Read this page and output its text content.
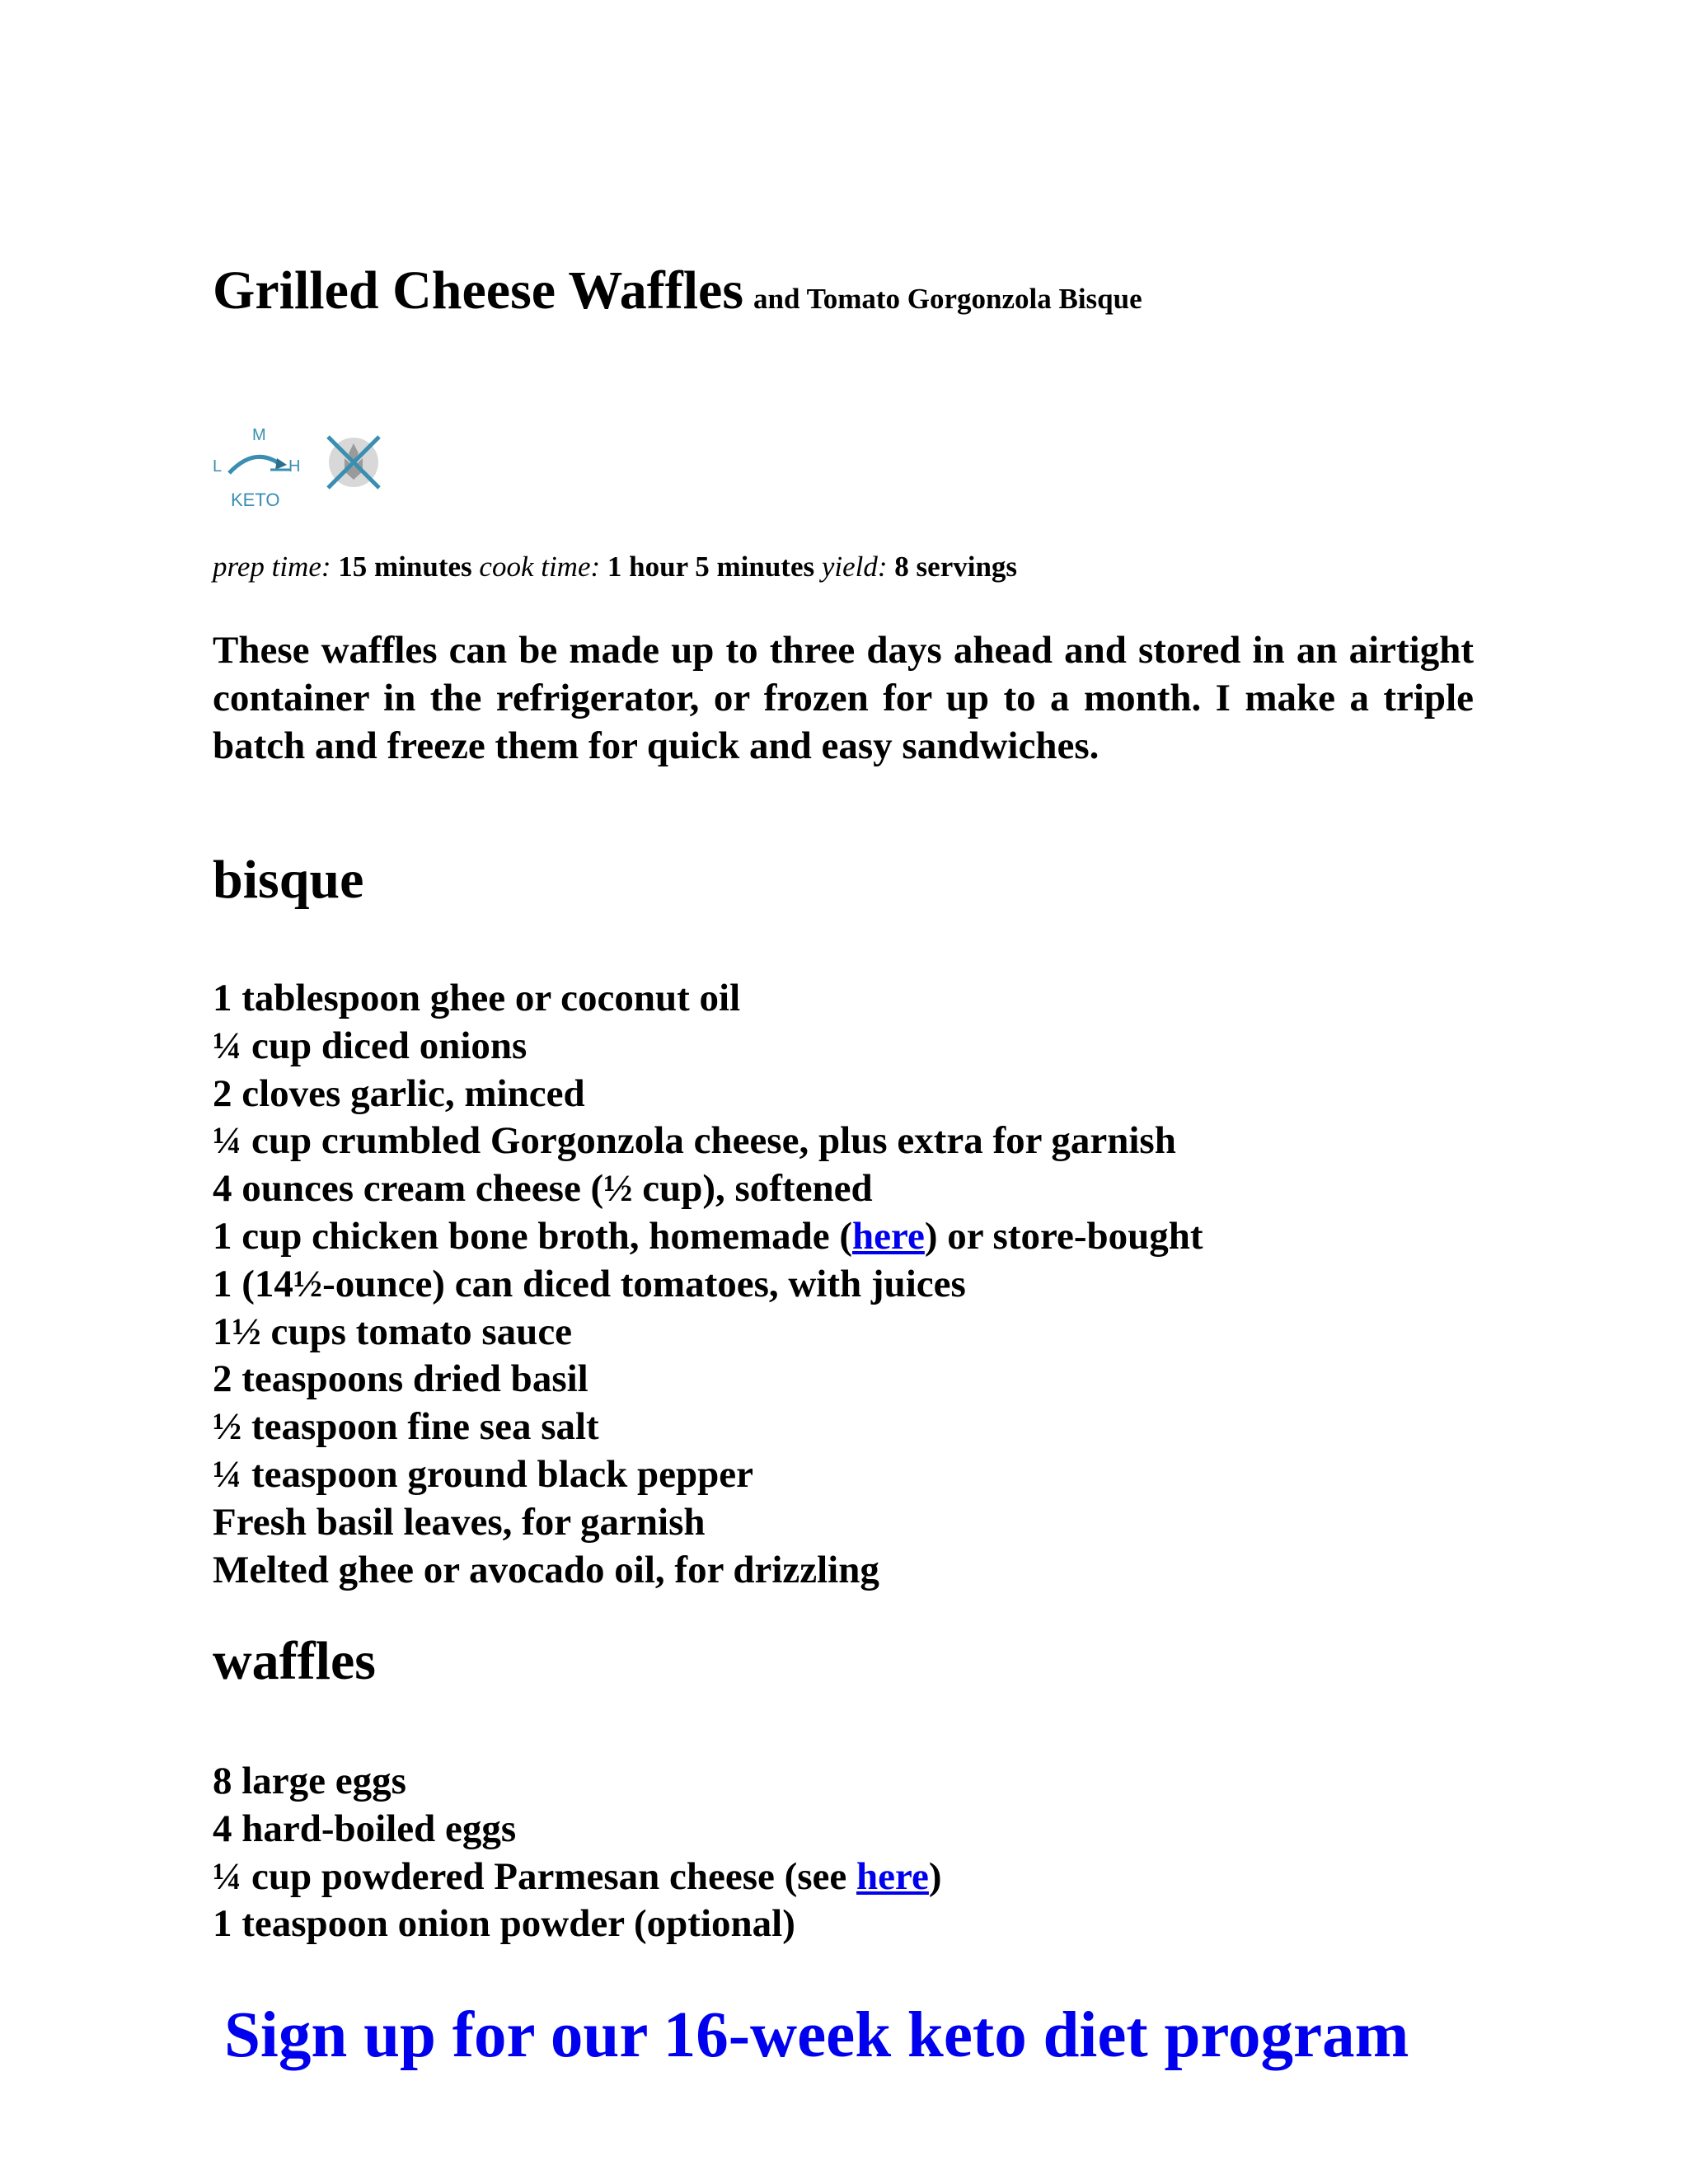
Grilled Cheese Waffles and Tomato Gorgonzola Bisque
M
L	H
KETO
prep time: 15 minutes cook time: 1 hour 5 minutes yield: 8 servings
These waffles can be made up to three days ahead and stored in an airtight container in the refrigerator, or frozen for up to a month. I make a triple batch and freeze them for quick and easy sandwiches.
bisque
1 tablespoon ghee or coconut oil
¼ cup diced onions
2 cloves garlic, minced
¼ cup crumbled Gorgonzola cheese, plus extra for garnish
4 ounces cream cheese (½ cup), softened
1 cup chicken bone broth, homemade (here) or store-bought
1 (14½-ounce) can diced tomatoes, with juices
1½ cups tomato sauce
2 teaspoons dried basil
½ teaspoon fine sea salt
¼ teaspoon ground black pepper
Fresh basil leaves, for garnish
Melted ghee or avocado oil, for drizzling
waffles
8 large eggs
4 hard-boiled eggs
¼ cup powdered Parmesan cheese (see here)
1 teaspoon onion powder (optional)
Sign up for our 16-week keto diet program
